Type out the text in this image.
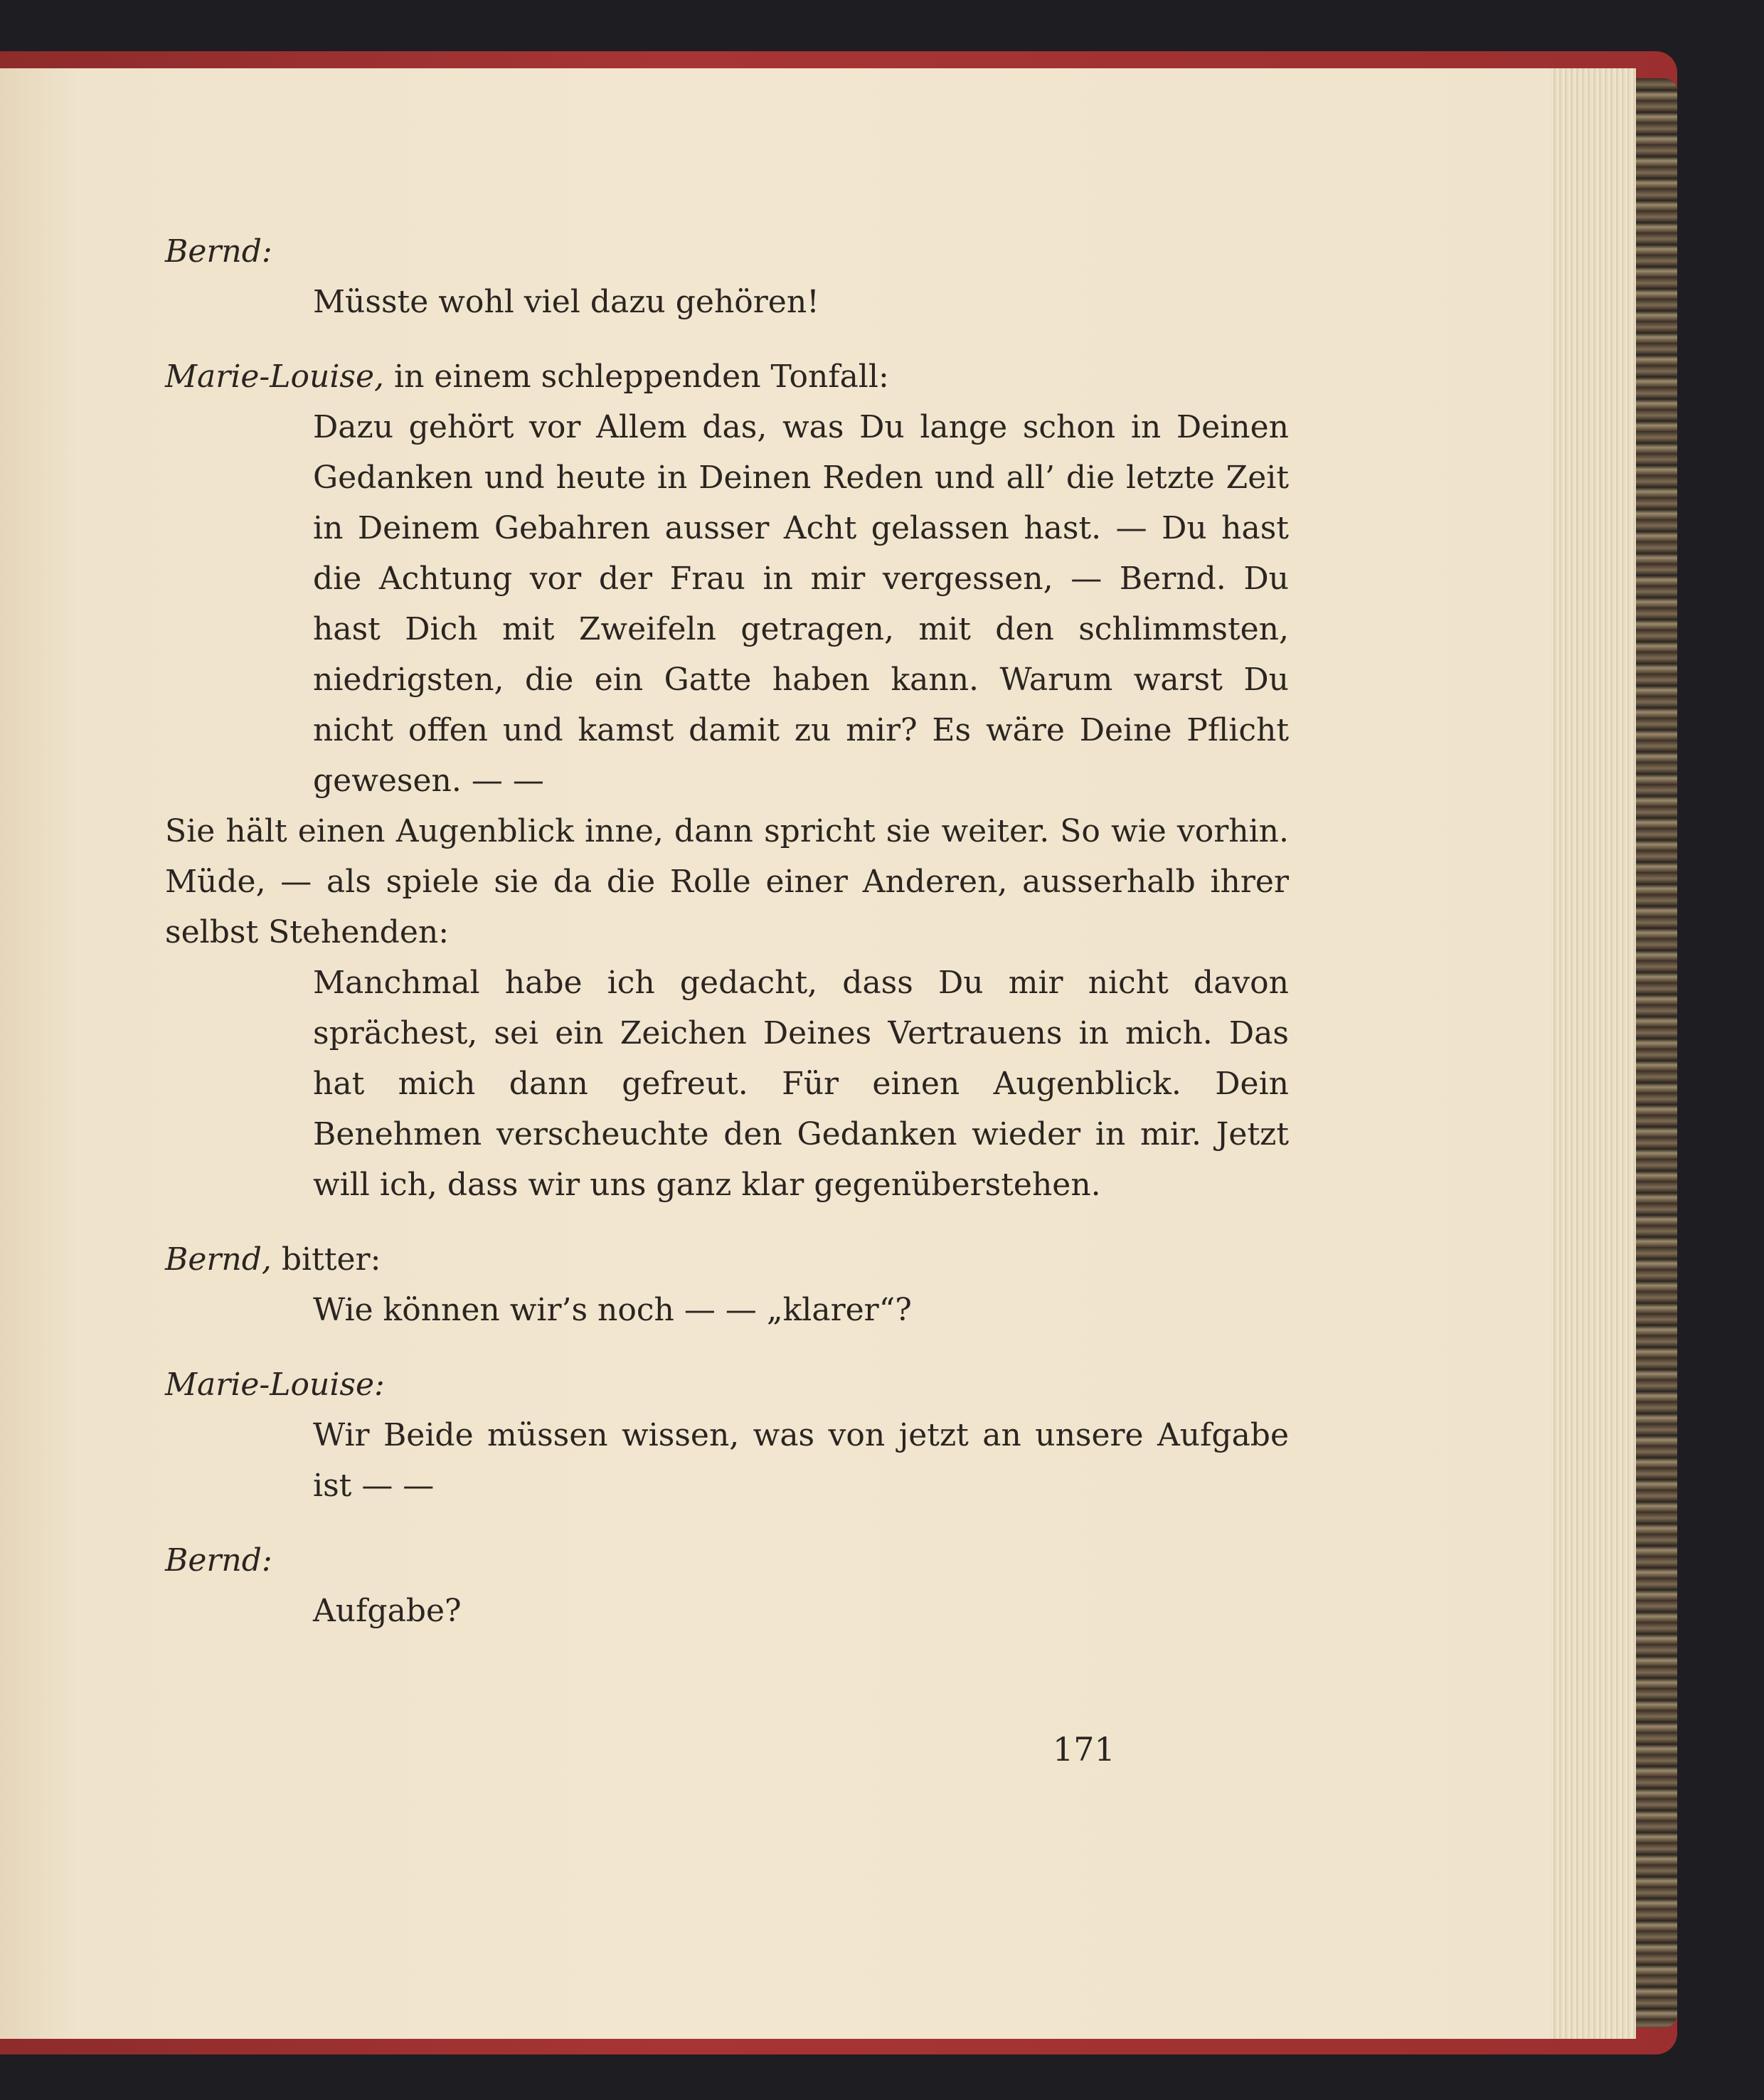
Bernd:
Müsste wohl viel dazu gehören!
Marie-Louise, in einem schleppenden Tonfall:
Dazu gehört vor Allem das, was Du lange schon in Deinen Gedanken und heute in Deinen Reden und all’ die letzte Zeit in Deinem Gebahren ausser Acht gelassen hast. — Du hast die Achtung vor der Frau in mir vergessen, — Bernd. Du hast Dich mit Zweifeln getragen, mit den schlimmsten, niedrigsten, die ein Gatte haben kann. Warum warst Du nicht offen und kamst damit zu mir? Es wäre Deine Pflicht gewesen. — —
Sie hält einen Augenblick inne, dann spricht sie weiter. So wie vorhin. Müde, — als spiele sie da die Rolle einer Anderen, ausserhalb ihrer selbst Stehenden:
Manchmal habe ich gedacht, dass Du mir nicht davon sprächest, sei ein Zeichen Deines Vertrauens in mich. Das hat mich dann gefreut. Für einen Augenblick. Dein Benehmen verscheuchte den Gedanken wieder in mir. Jetzt will ich, dass wir uns ganz klar gegenüberstehen.
Bernd, bitter:
Wie können wir’s noch — — „klarer“?
Marie-Louise:
Wir Beide müssen wissen, was von jetzt an unsere Aufgabe ist — —
Bernd:
Aufgabe?
171
